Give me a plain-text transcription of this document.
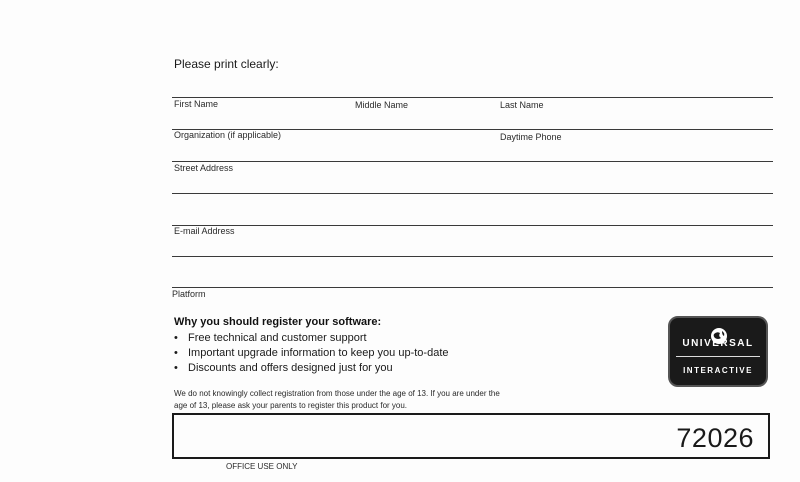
Please print clearly:
First Name	Middle Name	Last Name
Organization (if applicable)	Daytime Phone
Street Address
E-mail Address
Platform
Why you should register your software:
• Free technical and customer support
• Important upgrade information to keep you up-to-date
• Discounts and offers designed just for you
We do not knowingly collect registration from those under the age of 13. If you are under the age of 13, please ask your parents to register this product for you.
UNIVERSAL
INTERACTIVE
72026
OFFICE USE ONLY
